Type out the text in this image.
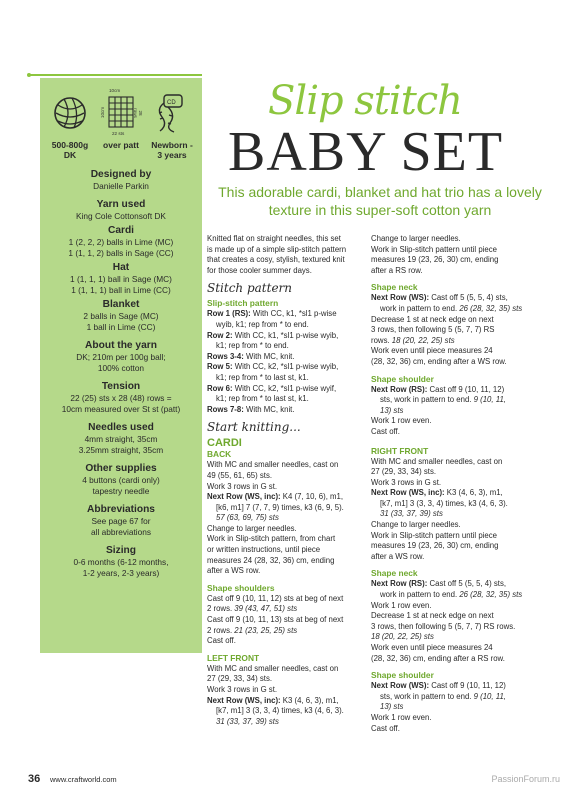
500-800g DK
10cm
10cm	28 rows
22 sts
over patt
CD
Newborn - 3 years
Designed by

Danielle Parkin

Yarn used

King Cole Cottonsoft DK

Cardi

1 (2, 2, 2) balls in Lime (MC)

1 (1, 1, 2) balls in Sage (CC)

Hat

1 (1, 1, 1) ball in Sage (MC)

1 (1, 1, 1) ball in Lime (CC)

Blanket

2 balls in Sage (MC)

1 ball in Lime (CC)

About the yarn

DK; 210m per 100g ball;

100% cotton

Tension

22 (25) sts x 28 (48) rows =

10cm measured over St st (patt)

Needles used

4mm straight, 35cm

3.25mm straight, 35cm

Other supplies

4 buttons (cardi only)

tapestry needle

Abbreviations

See page 67 for

all abbreviations

Sizing

0-6 months (6-12 months,

1-2 years, 2-3 years)

Slip stitch
BABY SET
This adorable cardi, blanket and hat trio has a lovely texture in this super-soft cotton yarn

Knitted flat on straight needles, this set

is made up of a simple slip-stitch pattern

that creates a cosy, stylish, textured knit

for those cooler summer days.

Stitch pattern
Slip-stitch pattern

Row 1 (RS): With CC, k1, *sl1 p-wise

wyib, k1; rep from * to end.

Row 2: With CC, k1, *sl1 p-wise wyib,

k1; rep from * to end.

Rows 3-4: With MC, knit.

Row 5: With CC, k2, *sl1 p-wise wyib,

k1; rep from * to last st, k1.

Row 6: With CC, k2, *sl1 p-wise wyif,

k1; rep from * to last st, k1.

Rows 7-8: With MC, knit.

Start knitting...
CARDI
BACK

With MC and smaller needles, cast on

49 (55, 61, 65) sts.

Work 3 rows in G st.

Next Row (WS, inc): K4 (7, 10, 6), m1,

[k6, m1] 7 (7, 7, 9) times, k3 (6, 9, 5).

57 (63, 69, 75) sts

Change to larger needles.

Work in Slip-stitch pattern, from chart

or written instructions, until piece

measures 24 (28, 32, 36) cm, ending

after a WS row.

Shape shoulders

Cast off 9 (10, 11, 12) sts at beg of next

2 rows. 39 (43, 47, 51) sts

Cast off 9 (10, 11, 13) sts at beg of next

2 rows. 21 (23, 25, 25) sts

Cast off.

LEFT FRONT

With MC and smaller needles, cast on

27 (29, 33, 34) sts.

Work 3 rows in G st.

Next Row (WS, inc): K3 (4, 6, 3), m1,

[k7, m1] 3 (3, 3, 4) times, k3 (4, 6, 3).

31 (33, 37, 39) sts

Change to larger needles.

Work in Slip-stitch pattern until piece

measures 19 (23, 26, 30) cm, ending

after a RS row.

Shape neck

Next Row (WS): Cast off 5 (5, 5, 4) sts,

work in pattern to end. 26 (28, 32, 35) sts

Decrease 1 st at neck edge on next

3 rows, then following 5 (5, 7, 7) RS

rows. 18 (20, 22, 25) sts

Work even until piece measures 24

(28, 32, 36) cm, ending after a WS row.

Shape shoulder

Next Row (RS): Cast off 9 (10, 11, 12)

sts, work in pattern to end. 9 (10, 11,

13) sts

Work 1 row even.

Cast off.

RIGHT FRONT

With MC and smaller needles, cast on

27 (29, 33, 34) sts.

Work 3 rows in G st.

Next Row (WS, inc): K3 (4, 6, 3), m1,

[k7, m1] 3 (3, 3, 4) times, k3 (4, 6, 3).

31 (33, 37, 39) sts

Change to larger needles.

Work in Slip-stitch pattern until piece

measures 19 (23, 26, 30) cm, ending

after a WS row.

Shape neck

Next Row (RS): Cast off 5 (5, 5, 4) sts,

work in pattern to end. 26 (28, 32, 35) sts

Work 1 row even.

Decrease 1 st at neck edge on next

3 rows, then following 5 (5, 7, 7) RS rows.

18 (20, 22, 25) sts

Work even until piece measures 24

(28, 32, 36) cm, ending after a RS row.

Shape shoulder

Next Row (WS): Cast off 9 (10, 11, 12)

sts, work in pattern to end. 9 (10, 11,

13) sts

Work 1 row even.

Cast off.

36 www.craftworld.com	PassionForum.ru
